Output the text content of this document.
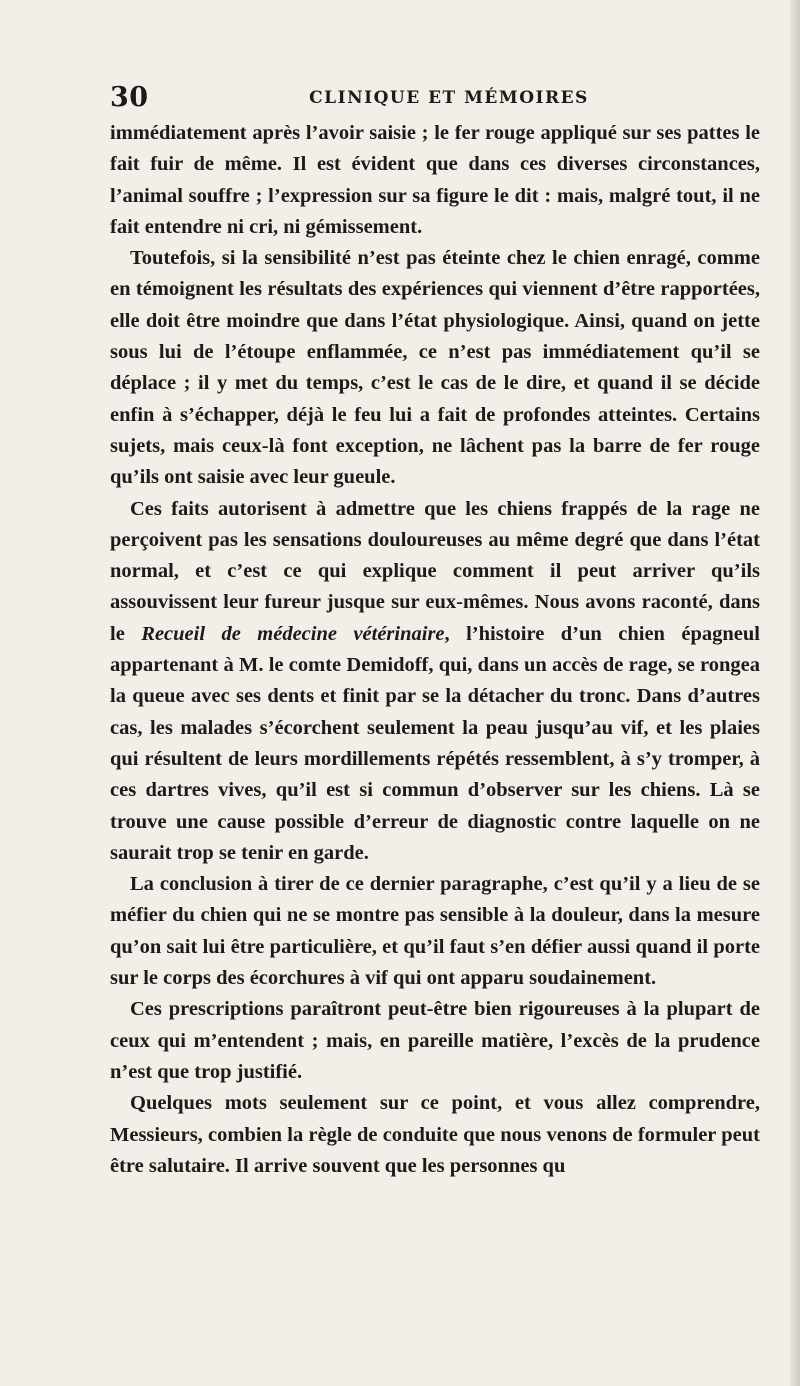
30	CLINIQUE ET MÉMOIRES

immédiatement après l’avoir saisie ; le fer rouge appliqué sur ses pattes le fait fuir de même. Il est évident que dans ces diverses circonstances, l’animal souffre ; l’expression sur sa figure le dit : mais, malgré tout, il ne fait entendre ni cri, ni gémissement.

Toutefois, si la sensibilité n’est pas éteinte chez le chien enragé, comme en témoignent les résultats des expériences qui viennent d’être rapportées, elle doit être moindre que dans l’état physiologique. Ainsi, quand on jette sous lui de l’étoupe enflammée, ce n’est pas immédiatement qu’il se déplace ; il y met du temps, c’est le cas de le dire, et quand il se décide enfin à s’échapper, déjà le feu lui a fait de profondes atteintes. Certains sujets, mais ceux-là font exception, ne lâchent pas la barre de fer rouge qu’ils ont saisie avec leur gueule.

Ces faits autorisent à admettre que les chiens frappés de la rage ne perçoivent pas les sensations douloureuses au même degré que dans l’état normal, et c’est ce qui explique comment il peut arriver qu’ils assouvissent leur fureur jusque sur eux-mêmes. Nous avons raconté, dans le Recueil de médecine vétérinaire, l’histoire d’un chien épagneul appartenant à M. le comte Demidoff, qui, dans un accès de rage, se rongea la queue avec ses dents et finit par se la détacher du tronc. Dans d’autres cas, les malades s’écorchent seulement la peau jusqu’au vif, et les plaies qui résultent de leurs mordillements répétés ressemblent, à s’y tromper, à ces dartres vives, qu’il est si commun d’observer sur les chiens. Là se trouve une cause possible d’erreur de diagnostic contre laquelle on ne saurait trop se tenir en garde.

La conclusion à tirer de ce dernier paragraphe, c’est qu’il y a lieu de se méfier du chien qui ne se montre pas sensible à la douleur, dans la mesure qu’on sait lui être particulière, et qu’il faut s’en défier aussi quand il porte sur le corps des écorchures à vif qui ont apparu soudainement.

Ces prescriptions paraîtront peut-être bien rigoureuses à la plupart de ceux qui m’entendent ; mais, en pareille matière, l’excès de la prudence n’est que trop justifié.

Quelques mots seulement sur ce point, et vous allez comprendre, Messieurs, combien la règle de conduite que nous venons de formuler peut être salutaire. Il arrive souvent que les personnes qu
